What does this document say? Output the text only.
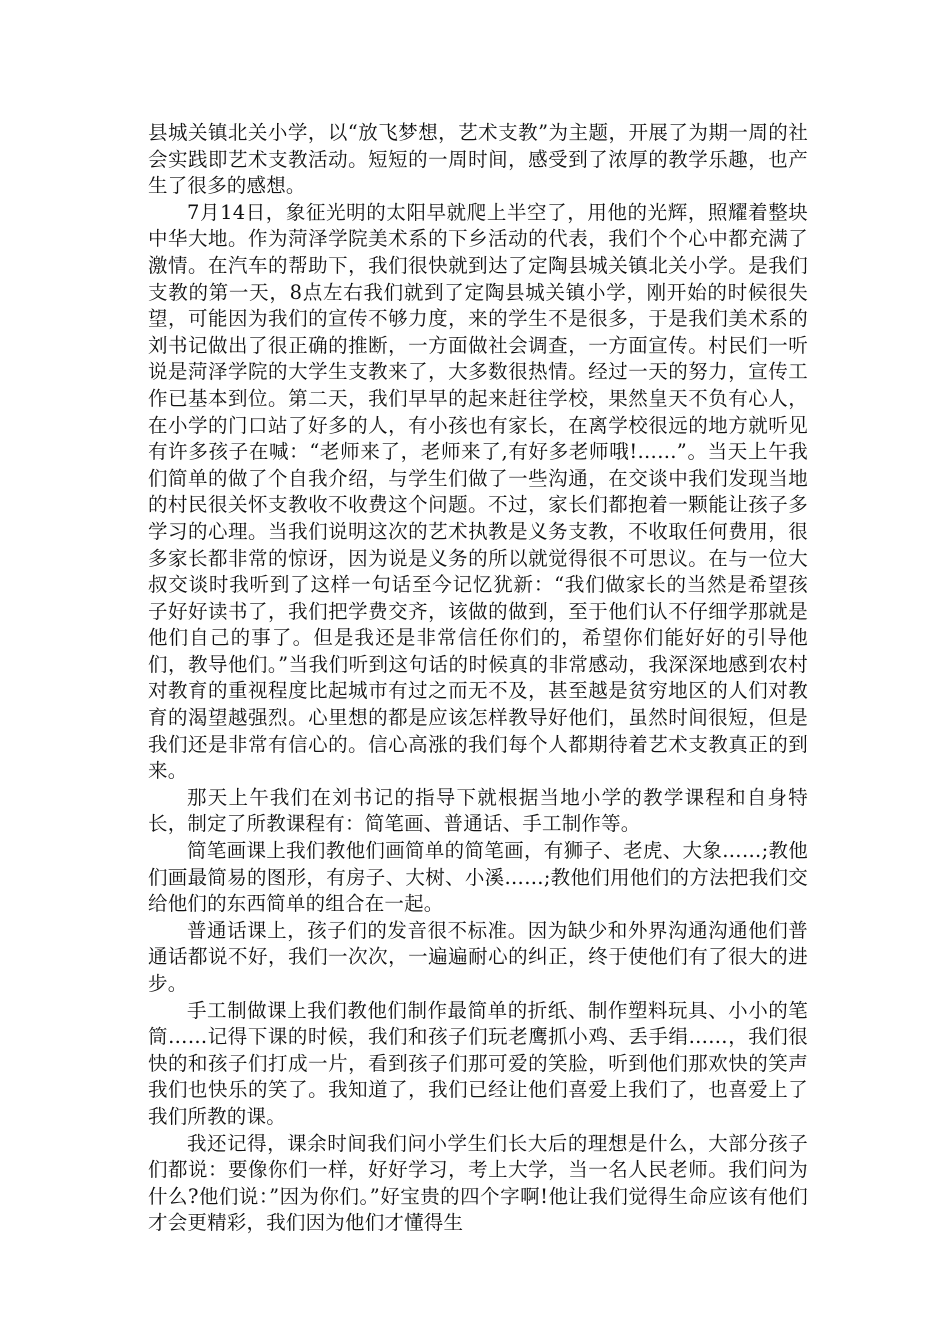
县城关镇北关小学，以“放飞梦想，艺术支教”为主题，开展了为期一周的社会实践即艺术支教活动。短短的一周时间，感受到了浓厚的教学乐趣，也产生了很多的感想。

7月14日，象征光明的太阳早就爬上半空了，用他的光辉，照耀着整块中华大地。作为菏泽学院美术系的下乡活动的代表，我们个个心中都充满了激情。在汽车的帮助下，我们很快就到达了定陶县城关镇北关小学。是我们支教的第一天，8点左右我们就到了定陶县城关镇小学，刚开始的时候很失望，可能因为我们的宣传不够力度，来的学生不是很多，于是我们美术系的刘书记做出了很正确的推断，一方面做社会调查，一方面宣传。村民们一听说是菏泽学院的大学生支教来了，大多数很热情。经过一天的努力，宣传工作已基本到位。第二天，我们早早的起来赶往学校，果然皇天不负有心人，在小学的门口站了好多的人，有小孩也有家长，在离学校很远的地方就听见有许多孩子在喊：“老师来了，老师来了,有好多老师哦!……”。当天上午我们简单的做了个自我介绍，与学生们做了一些沟通，在交谈中我们发现当地的村民很关怀支教收不收费这个问题。不过，家长们都抱着一颗能让孩子多学习的心理。当我们说明这次的艺术执教是义务支教，不收取任何费用，很多家长都非常的惊讶，因为说是义务的所以就觉得很不可思议。在与一位大叔交谈时我听到了这样一句话至今记忆犹新：“我们做家长的当然是希望孩子好好读书了，我们把学费交齐，该做的做到，至于他们认不仔细学那就是他们自己的事了。但是我还是非常信任你们的，希望你们能好好的引导他们，教导他们。”当我们听到这句话的时候真的非常感动，我深深地感到农村对教育的重视程度比起城市有过之而无不及，甚至越是贫穷地区的人们对教育的渴望越强烈。心里想的都是应该怎样教导好他们，虽然时间很短，但是我们还是非常有信心的。信心高涨的我们每个人都期待着艺术支教真正的到来。

那天上午我们在刘书记的指导下就根据当地小学的教学课程和自身特长，制定了所教课程有：简笔画、普通话、手工制作等。

简笔画课上我们教他们画简单的简笔画，有狮子、老虎、大象……;教他们画最简易的图形，有房子、大树、小溪……;教他们用他们的方法把我们交给他们的东西简单的组合在一起。

普通话课上，孩子们的发音很不标准。因为缺少和外界沟通沟通他们普通话都说不好，我们一次次，一遍遍耐心的纠正，终于使他们有了很大的进步。

手工制做课上我们教他们制作最简单的折纸、制作塑料玩具、小小的笔筒……记得下课的时候，我们和孩子们玩老鹰抓小鸡、丢手绢……，我们很快的和孩子们打成一片，看到孩子们那可爱的笑脸，听到他们那欢快的笑声我们也快乐的笑了。我知道了，我们已经让他们喜爱上我们了，也喜爱上了我们所教的课。

我还记得，课余时间我们问小学生们长大后的理想是什么，大部分孩子们都说：要像你们一样，好好学习，考上大学，当一名人民老师。我们问为什么?他们说：”因为你们。”好宝贵的四个字啊!他让我们觉得生命应该有他们才会更精彩，我们因为他们才懂得生
